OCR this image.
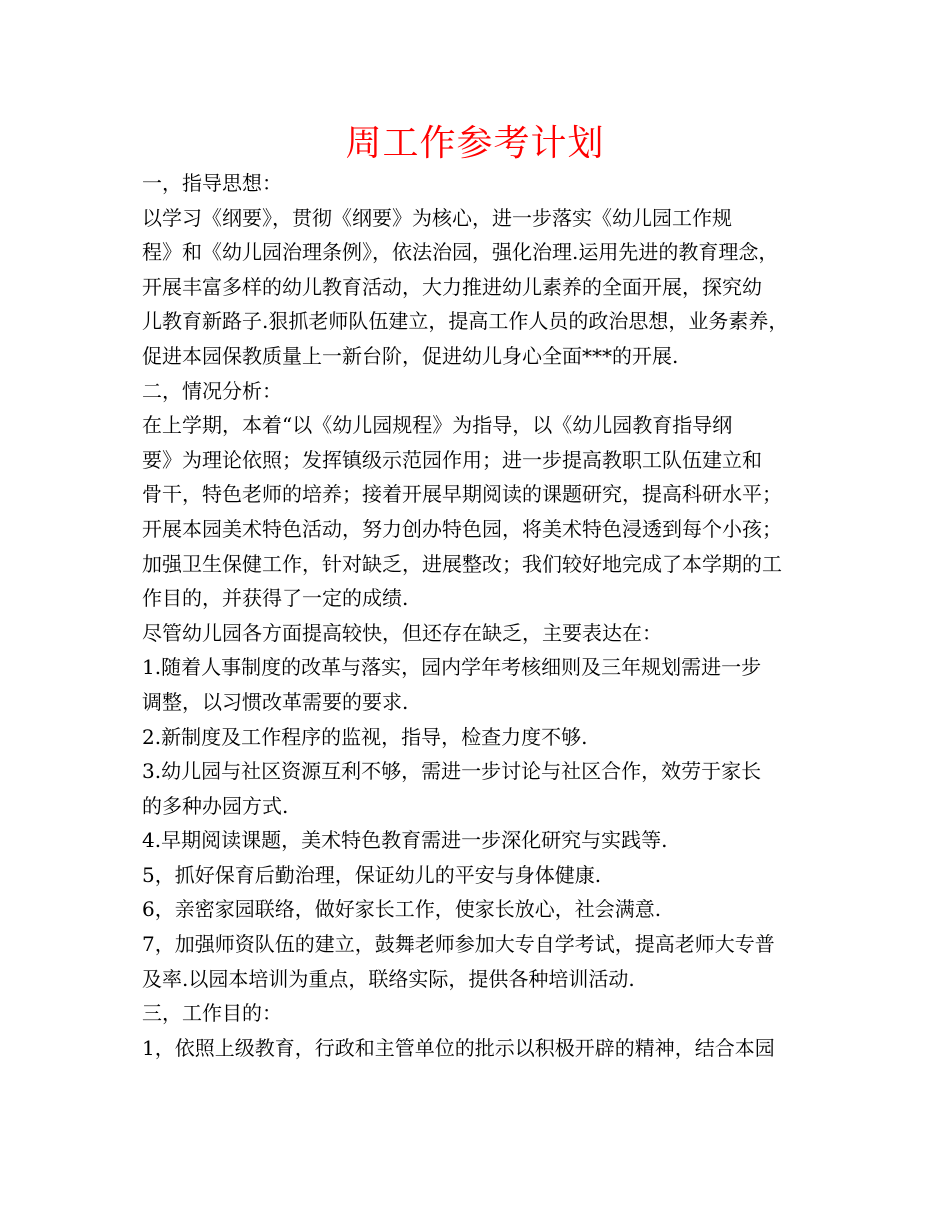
周工作参考计划
一，指导思想：
以学习《纲要》，贯彻《纲要》为核心，进一步落实《幼儿园工作规
程》和《幼儿园治理条例》，依法治园，强化治理.运用先进的教育理念，
开展丰富多样的幼儿教育活动，大力推进幼儿素养的全面开展，探究幼
儿教育新路子.狠抓老师队伍建立，提高工作人员的政治思想，业务素养，
促进本园保教质量上一新台阶，促进幼儿身心全面***的开展.
二，情况分析：
在上学期，本着“以《幼儿园规程》为指导，以《幼儿园教育指导纲
要》为理论依照；发挥镇级示范园作用；进一步提高教职工队伍建立和
骨干，特色老师的培养；接着开展早期阅读的课题研究，提高科研水平；
开展本园美术特色活动，努力创办特色园，将美术特色浸透到每个小孩；
加强卫生保健工作，针对缺乏，进展整改；我们较好地完成了本学期的工
作目的，并获得了一定的成绩.
尽管幼儿园各方面提高较快，但还存在缺乏，主要表达在：
1.随着人事制度的改革与落实，园内学年考核细则及三年规划需进一步
调整，以习惯改革需要的要求.
2.新制度及工作程序的监视，指导，检查力度不够.
3.幼儿园与社区资源互利不够，需进一步讨论与社区合作，效劳于家长
的多种办园方式.
4.早期阅读课题，美术特色教育需进一步深化研究与实践等.
5，抓好保育后勤治理，保证幼儿的平安与身体健康.
6，亲密家园联络，做好家长工作，使家长放心，社会满意.
7，加强师资队伍的建立，鼓舞老师参加大专自学考试，提高老师大专普
及率.以园本培训为重点，联络实际，提供各种培训活动.
三，工作目的：
1，依照上级教育，行政和主管单位的批示以积极开辟的精神，结合本园
